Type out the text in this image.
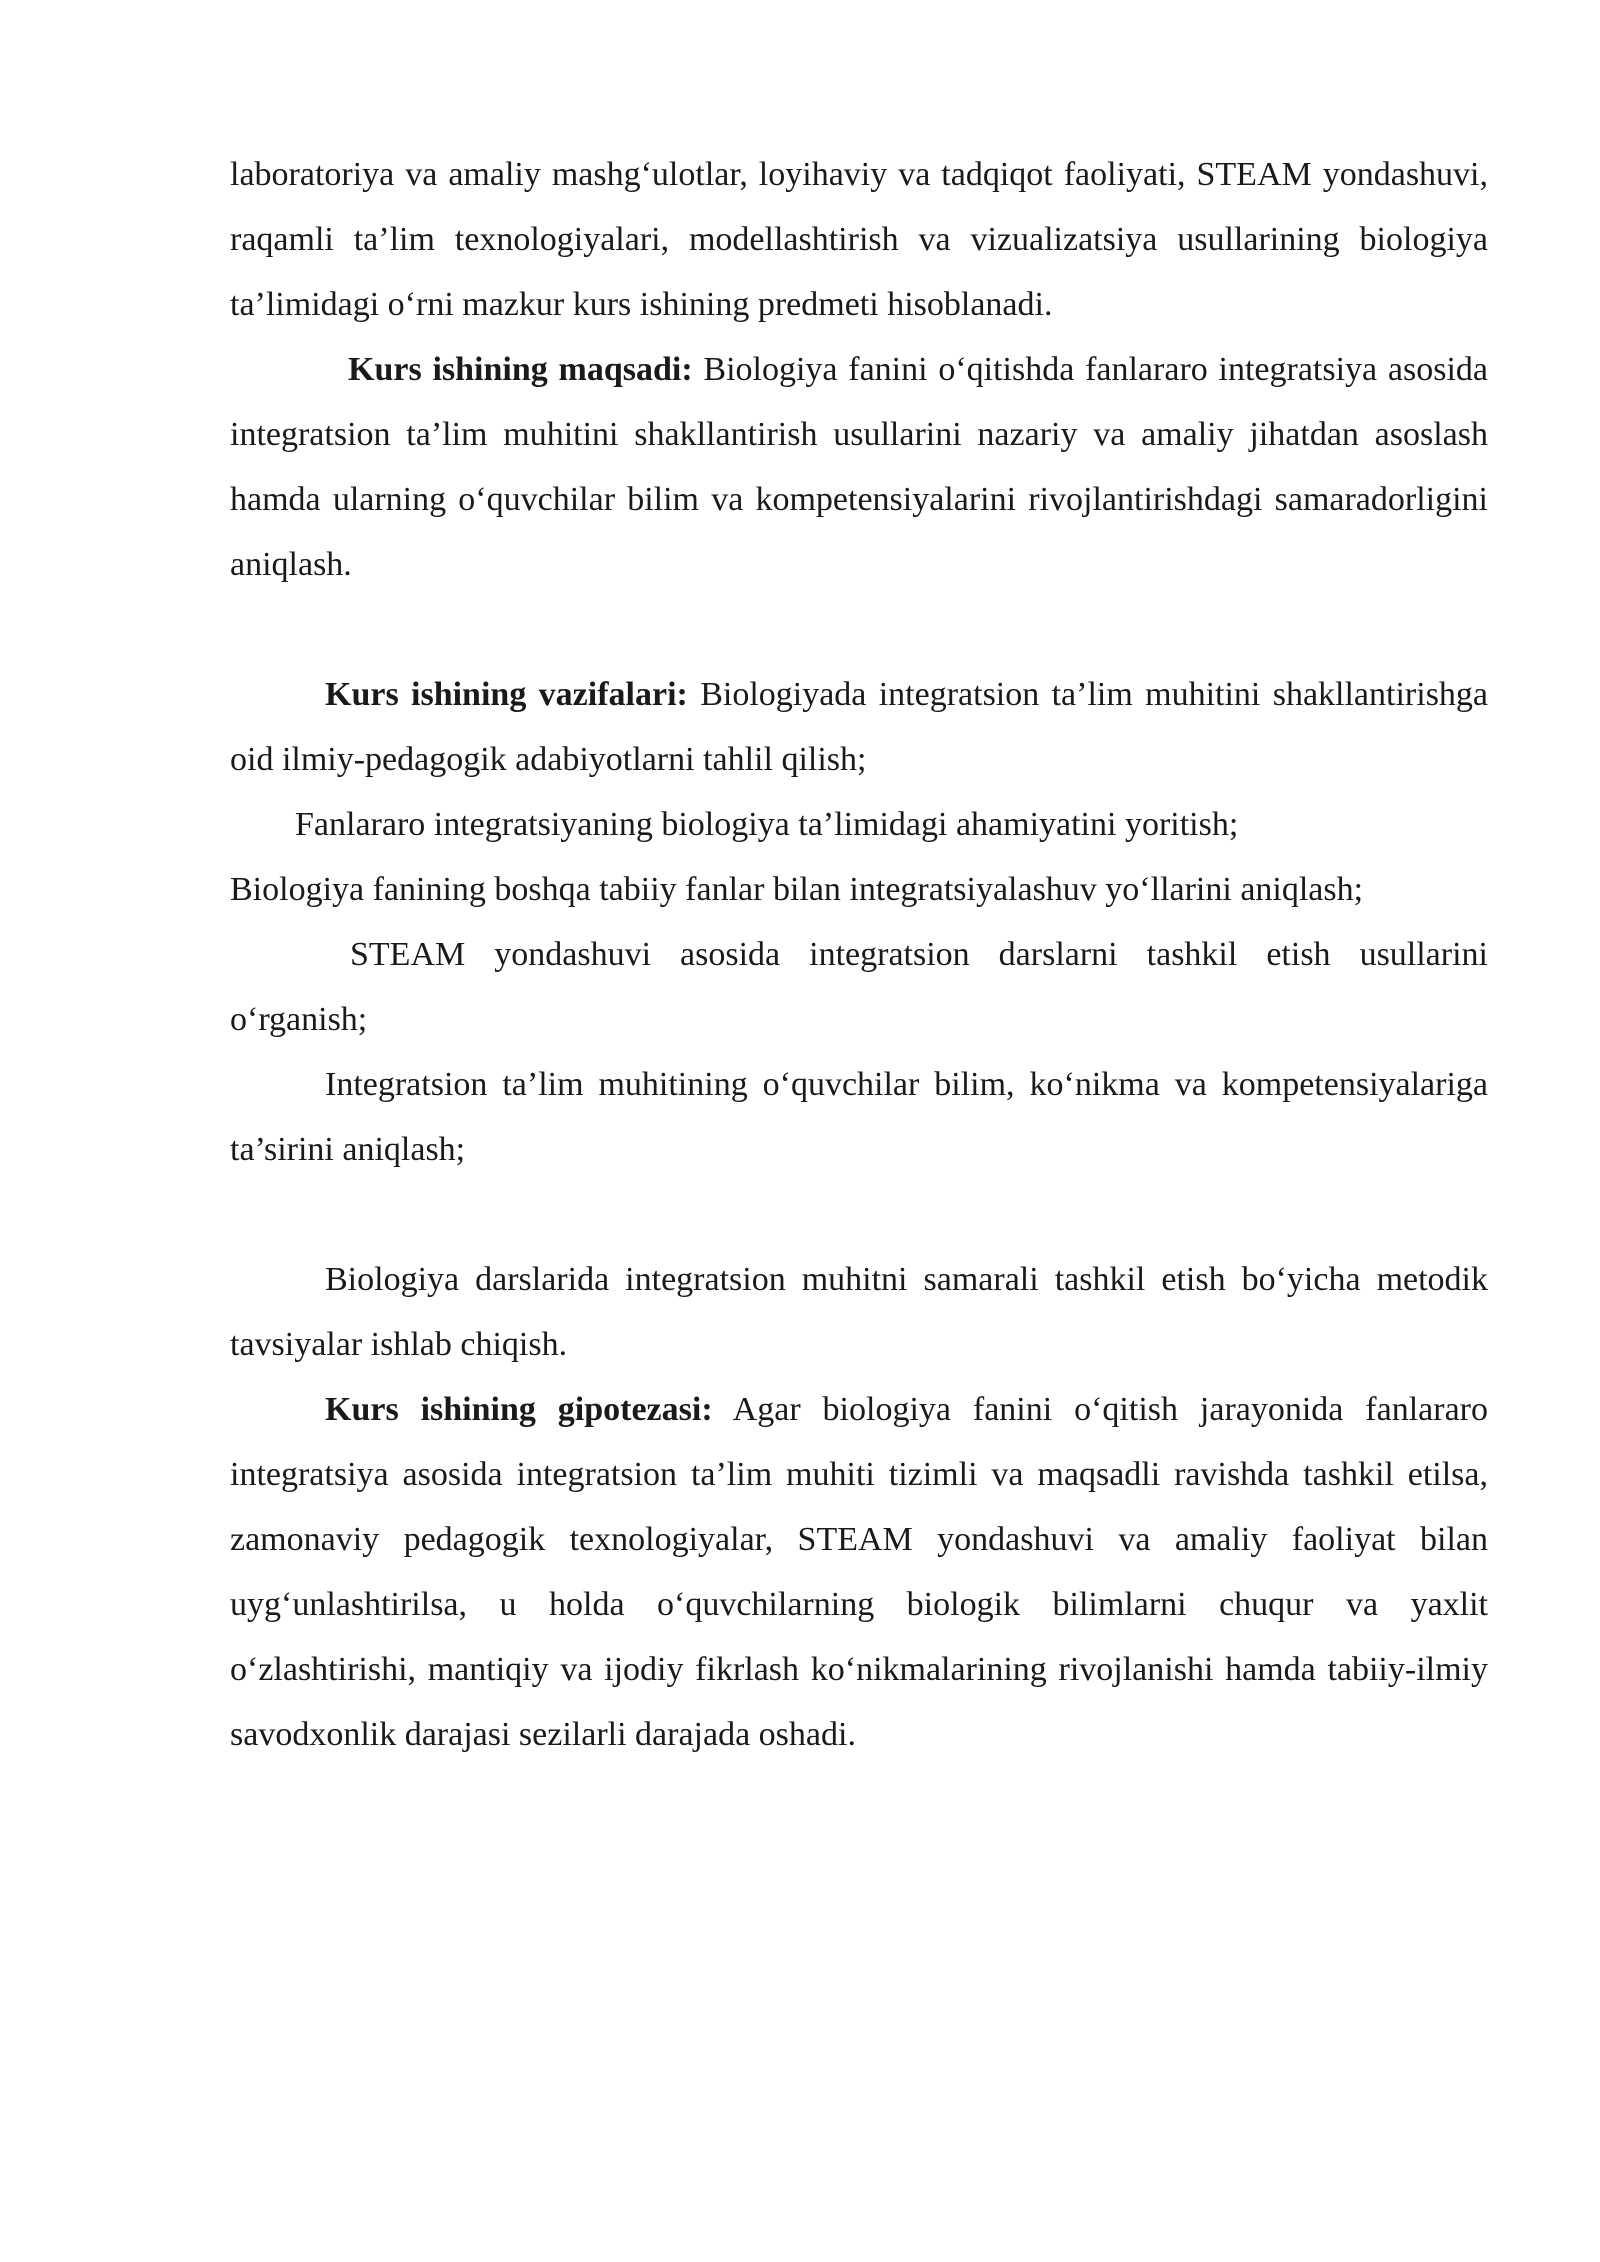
laboratoriya va amaliy mashg‘ulotlar, loyihaviy va tadqiqot faoliyati, STEAM yondashuvi, raqamli ta’lim texnologiyalari, modellashtirish va vizualizatsiya usullarining biologiya ta’limidagi o‘rni mazkur kurs ishining predmeti hisoblanadi.

Kurs ishining maqsadi: Biologiya fanini o‘qitishda fanlararo integratsiya asosida integratsion ta’lim muhitini shakllantirish usullarini nazariy va amaliy jihatdan asoslash hamda ularning o‘quvchilar bilim va kompetensiyalarini rivojlantirishdagi samaradorligini aniqlash.

Kurs ishining vazifalari: Biologiyada integratsion ta’lim muhitini shakllantirishga oid ilmiy-pedagogik adabiyotlarni tahlil qilish;

Fanlararo integratsiyaning biologiya ta’limidagi ahamiyatini yoritish;

Biologiya fanining boshqa tabiiy fanlar bilan integratsiyalashuv yo‘llarini aniqlash;

STEAM yondashuvi asosida integratsion darslarni tashkil etish usullarini o‘rganish;

Integratsion ta’lim muhitining o‘quvchilar bilim, ko‘nikma va kompetensiyalariga ta’sirini aniqlash;

Biologiya darslarida integratsion muhitni samarali tashkil etish bo‘yicha metodik tavsiyalar ishlab chiqish.

Kurs ishining gipotezasi: Agar biologiya fanini o‘qitish jarayonida fanlararo integratsiya asosida integratsion ta’lim muhiti tizimli va maqsadli ravishda tashkil etilsa, zamonaviy pedagogik texnologiyalar, STEAM yondashuvi va amaliy faoliyat bilan uyg‘unlashtirilsa, u holda o‘quvchilarning biologik bilimlarni chuqur va yaxlit o‘zlashtirishi, mantiqiy va ijodiy fikrlash ko‘nikmalarining rivojlanishi hamda tabiiy-ilmiy savodxonlik darajasi sezilarli darajada oshadi.
